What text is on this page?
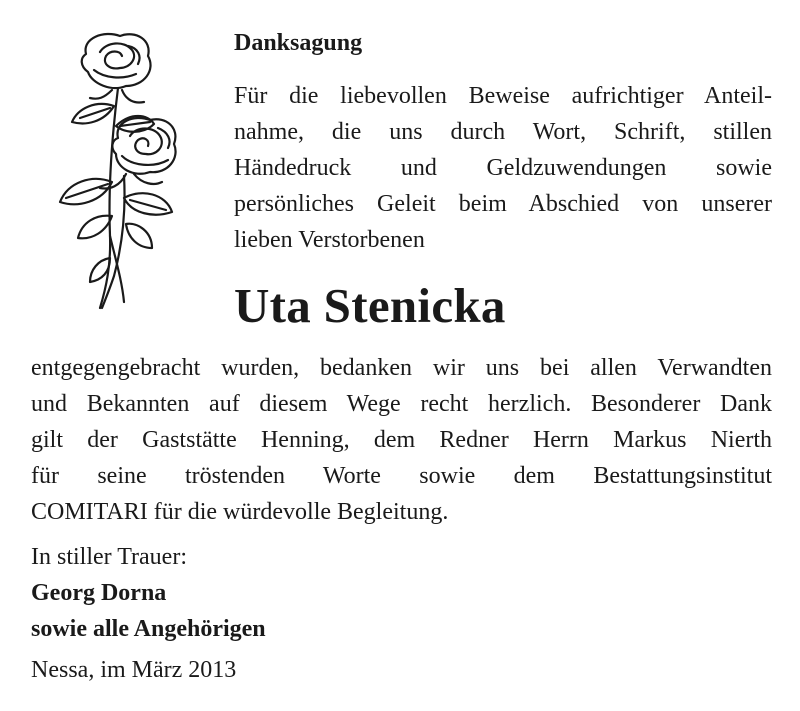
Danksagung
Für die liebevollen Beweise aufrichtiger Anteil-
nahme, die uns durch Wort, Schrift, stillen
Händedruck und Geldzuwendungen sowie
persönliches Geleit beim Abschied von unserer
lieben Verstorbenen
Uta Stenicka
entgegengebracht wurden, bedanken wir uns bei allen Verwandten
und Bekannten auf diesem Wege recht herzlich. Besonderer Dank
gilt der Gaststätte Henning, dem Redner Herrn Markus Nierth
für seine tröstenden Worte sowie dem Bestattungsinstitut
COMITARI für die würdevolle Begleitung.
In stiller Trauer:
Georg Dorna
sowie alle Angehörigen
Nessa, im März 2013
